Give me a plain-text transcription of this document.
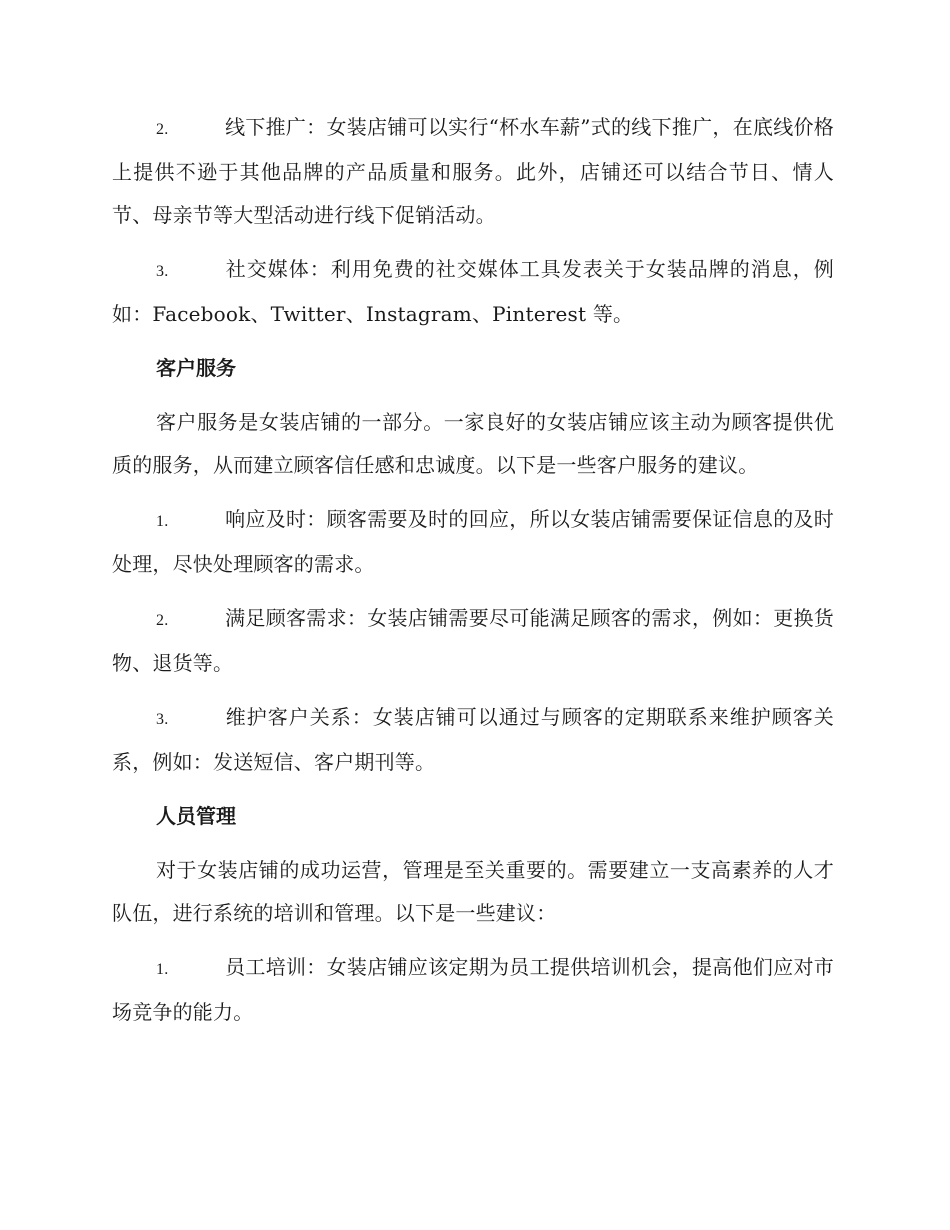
2.	线下推广：女装店铺可以实行“杯水车薪”式的线下推广，在底线价格上提供不逊于其他品牌的产品质量和服务。此外，店铺还可以结合节日、情人节、母亲节等大型活动进行线下促销活动。

3.	社交媒体：利用免费的社交媒体工具发表关于女装品牌的消息，例如：Facebook、Twitter、Instagram、Pinterest 等。

客户服务

客户服务是女装店铺的一部分。一家良好的女装店铺应该主动为顾客提供优质的服务，从而建立顾客信任感和忠诚度。以下是一些客户服务的建议。

1.	响应及时：顾客需要及时的回应，所以女装店铺需要保证信息的及时处理，尽快处理顾客的需求。

2.	满足顾客需求：女装店铺需要尽可能满足顾客的需求，例如：更换货物、退货等。

3.	维护客户关系：女装店铺可以通过与顾客的定期联系来维护顾客关系，例如：发送短信、客户期刊等。

人员管理

对于女装店铺的成功运营，管理是至关重要的。需要建立一支高素养的人才队伍，进行系统的培训和管理。以下是一些建议：

1.	员工培训：女装店铺应该定期为员工提供培训机会，提高他们应对市场竞争的能力。
